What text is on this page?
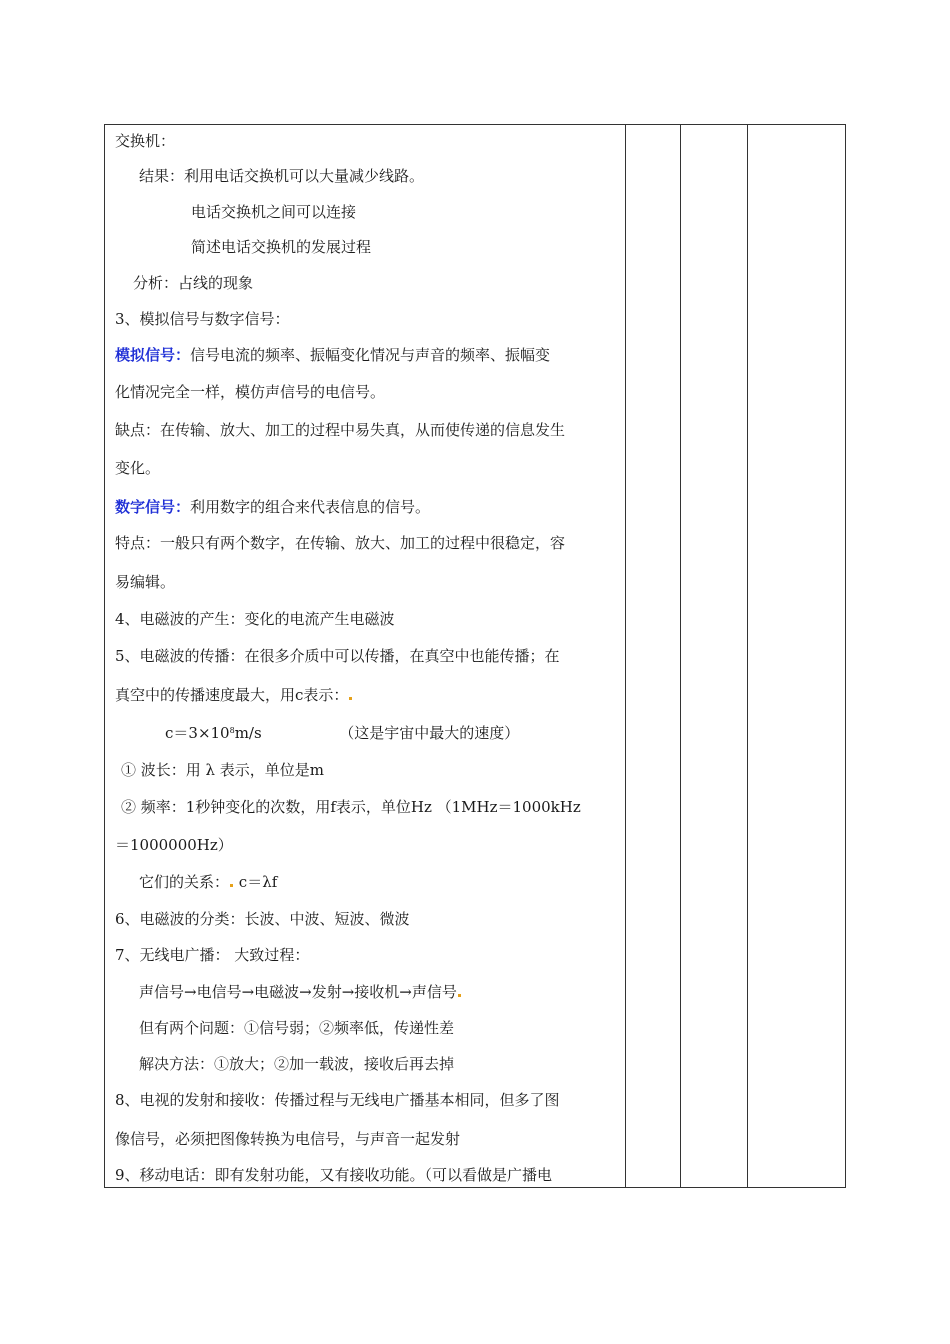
交换机：
结果：利用电话交换机可以大量减少线路。
电话交换机之间可以连接
简述电话交换机的发展过程
分析：占线的现象
3、模拟信号与数字信号：
模拟信号：信号电流的频率、振幅变化情况与声音的频率、振幅变
化情况完全一样，模仿声信号的电信号。
缺点：在传输、放大、加工的过程中易失真，从而使传递的信息发生
变化。
数字信号：利用数字的组合来代表信息的信号。
特点：一般只有两个数字，在传输、放大、加工的过程中很稳定，容
易编辑。
4、电磁波的产生：变化的电流产生电磁波
5、电磁波的传播：在很多介质中可以传播，在真空中也能传播；在
真空中的传播速度最大，用c表示：
$c=3\times 10^8m/s$	（这是宇宙中最大的速度）
① 波长：用 λ 表示，单位是m
② 频率：1秒钟变化的次数，用f表示，单位Hz （1MHz＝1000kHz
＝1000000Hz）
它们的关系： c＝λf
6、电磁波的分类：长波、中波、短波、微波
7、无线电广播： 大致过程：
声信号→电信号→电磁波→发射→接收机→声信号
但有两个问题：①信号弱；②频率低，传递性差
解决方法：①放大；②加一载波，接收后再去掉
8、电视的发射和接收：传播过程与无线电广播基本相同，但多了图
像信号，必须把图像转换为电信号，与声音一起发射
9、移动电话：即有发射功能，又有接收功能。（可以看做是广播电
